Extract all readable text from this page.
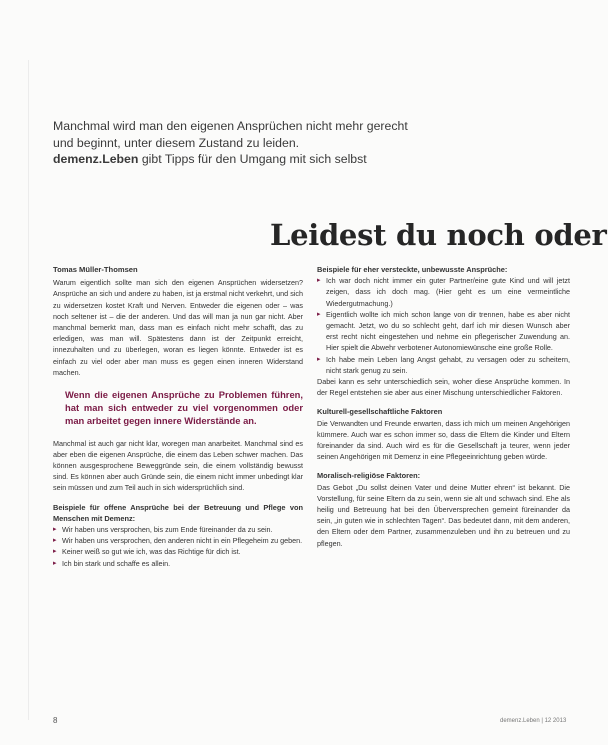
Manchmal wird man den eigenen Ansprüchen nicht mehr gerecht
und beginnt, unter diesem Zustand zu leiden.
demenz.Leben gibt Tipps für den Umgang mit sich selbst
Leidest du noch oder
Tomas Müller-Thomsen

Warum eigentlich sollte man sich den eigenen Ansprüchen widersetzen? Ansprüche an sich und andere zu haben, ist ja erstmal nicht verkehrt, und sich zu widersetzen kostet Kraft und Nerven. Entweder die eigenen oder – was noch seltener ist – die der anderen. Und das will man ja nun gar nicht. Aber manchmal bemerkt man, dass man es einfach nicht mehr schafft, das zu erledigen, was man will. Spätestens dann ist der Zeitpunkt erreicht, innezuhalten und zu überlegen, woran es liegen könnte. Entweder ist es einfach zu viel oder aber man muss es gegen einen inneren Widerstand machen.

Wenn die eigenen Ansprüche zu Problemen führen, hat man sich entweder zu viel vorgenommen oder man arbeitet gegen innere Widerstände an.

Manchmal ist auch gar nicht klar, woregen man anarbeitet. Manchmal sind es aber eben die eigenen Ansprüche, die einem das Leben schwer machen. Das können ausgesprochene Beweggründe sein, die einem vollständig bewusst sind. Es können aber auch Gründe sein, die einem nicht immer unbedingt klar sein müssen und zum Teil auch in sich widersprüchlich sind.

Beispiele für offene Ansprüche bei der Betreuung und Pflege von Menschen mit Demenz:
▸ Wir haben uns versprochen, bis zum Ende füreinander da zu sein.
▸ Wir haben uns versprochen, den anderen nicht in ein Pflegeheim zu geben.
▸ Keiner weiß so gut wie ich, was das Richtige für dich ist.
▸ Ich bin stark und schaffe es allein.
Beispiele für eher versteckte, unbewusste Ansprüche:
▸ Ich war doch nicht immer ein guter Partner/eine gute Kind und will jetzt zeigen, dass ich doch mag. (Hier geht es um eine vermeintliche Wiedergutmachung.)
▸ Eigentlich wollte ich mich schon lange von dir trennen, habe es aber nicht gemacht. Jetzt, wo du so schlecht geht, darf ich mir diesen Wunsch aber erst recht nicht eingestehen und nehme ein pflegerischer Zuwendung an. Hier spielt die Abwehr verbotener Autonomiewünsche eine große Rolle.
▸ Ich habe mein Leben lang Angst gehabt, zu versagen oder zu scheitern, nicht stark genug zu sein.

Dabei kann es sehr unterschiedlich sein, woher diese Ansprüche kommen. In der Regel entstehen sie aber aus einer Mischung unterschiedlicher Faktoren.

Kulturell-gesellschaftliche Faktoren

Die Verwandten und Freunde erwarten, dass ich mich um meinen Angehörigen kümmere. Auch war es schon immer so, dass die Eltern die Kinder und Eltern füreinander da sind. Auch wird es für die Gesellschaft ja teurer, wenn jeder seinen Angehörigen mit Demenz in eine Pflegeeinrichtung geben würde.

Moralisch-religiöse Faktoren:

Das Gebot „Du sollst deinen Vater und deine Mutter ehren“ ist bekannt. Die Vorstellung, für seine Eltern da zu sein, wenn sie alt und schwach sind. Ehe als heilig und Betreuung hat bei den Überversprechen gemeint füreinander da sein, „in guten wie in schlechten Tagen“. Das bedeutet dann, mit dem anderen, den Eltern oder dem Partner, zusammenzuleben und ihn zu betreuen und zu pflegen.

8	demenz.Leben | 12 2013
